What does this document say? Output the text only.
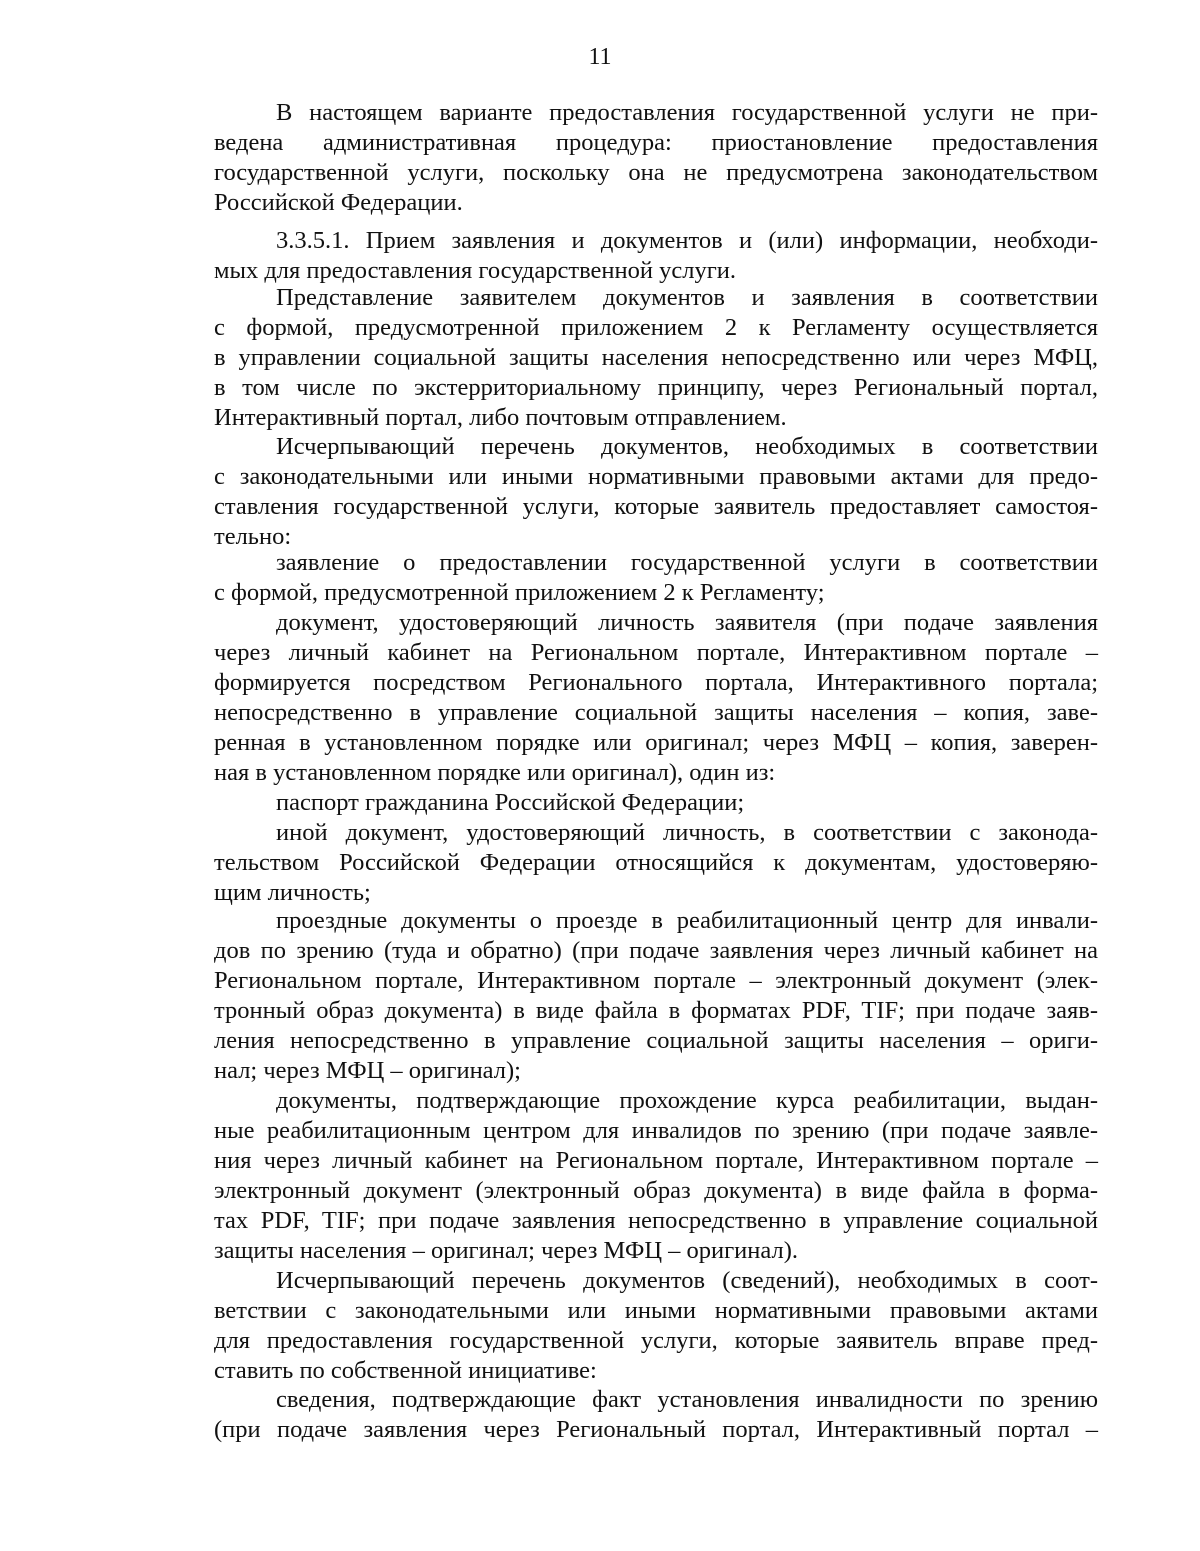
11
В настоящем варианте предоставления государственной услуги не при-
ведена административная процедура: приостановление предоставления
государственной услуги, поскольку она не предусмотрена законодательством
Российской Федерации.
3.3.5.1. Прием заявления и документов и (или) информации, необходи-
мых для предоставления государственной услуги.
Представление заявителем документов и заявления в соответствии
с формой, предусмотренной приложением 2 к Регламенту осуществляется
в управлении социальной защиты населения непосредственно или через МФЦ,
в том числе по экстерриториальному принципу, через Региональный портал,
Интерактивный портал, либо почтовым отправлением.
Исчерпывающий перечень документов, необходимых в соответствии
с законодательными или иными нормативными правовыми актами для предо-
ставления государственной услуги, которые заявитель предоставляет самостоя-
тельно:
заявление о предоставлении государственной услуги в соответствии
с формой, предусмотренной приложением 2 к Регламенту;
документ, удостоверяющий личность заявителя (при подаче заявления
через личный кабинет на Региональном портале, Интерактивном портале –
формируется посредством Регионального портала, Интерактивного портала;
непосредственно в управление социальной защиты населения – копия, заве-
ренная в установленном порядке или оригинал; через МФЦ – копия, заверен-
ная в установленном порядке или оригинал), один из:
паспорт гражданина Российской Федерации;
иной документ, удостоверяющий личность, в соответствии с законода-
тельством Российской Федерации относящийся к документам, удостоверяю-
щим личность;
проездные документы о проезде в реабилитационный центр для инвали-
дов по зрению (туда и обратно) (при подаче заявления через личный кабинет на
Региональном портале, Интерактивном портале – электронный документ (элек-
тронный образ документа) в виде файла в форматах PDF, TIF; при подаче заяв-
ления непосредственно в управление социальной защиты населения – ориги-
нал; через МФЦ – оригинал);
документы, подтверждающие прохождение курса реабилитации, выдан-
ные реабилитационным центром для инвалидов по зрению (при подаче заявле-
ния через личный кабинет на Региональном портале, Интерактивном портале –
электронный документ (электронный образ документа) в виде файла в форма-
тах PDF, TIF; при подаче заявления непосредственно в управление социальной
защиты населения – оригинал; через МФЦ – оригинал).
Исчерпывающий перечень документов (сведений), необходимых в соот-
ветствии с законодательными или иными нормативными правовыми актами
для предоставления государственной услуги, которые заявитель вправе пред-
ставить по собственной инициативе:
сведения, подтверждающие факт установления инвалидности по зрению
(при подаче заявления через Региональный портал, Интерактивный портал –
